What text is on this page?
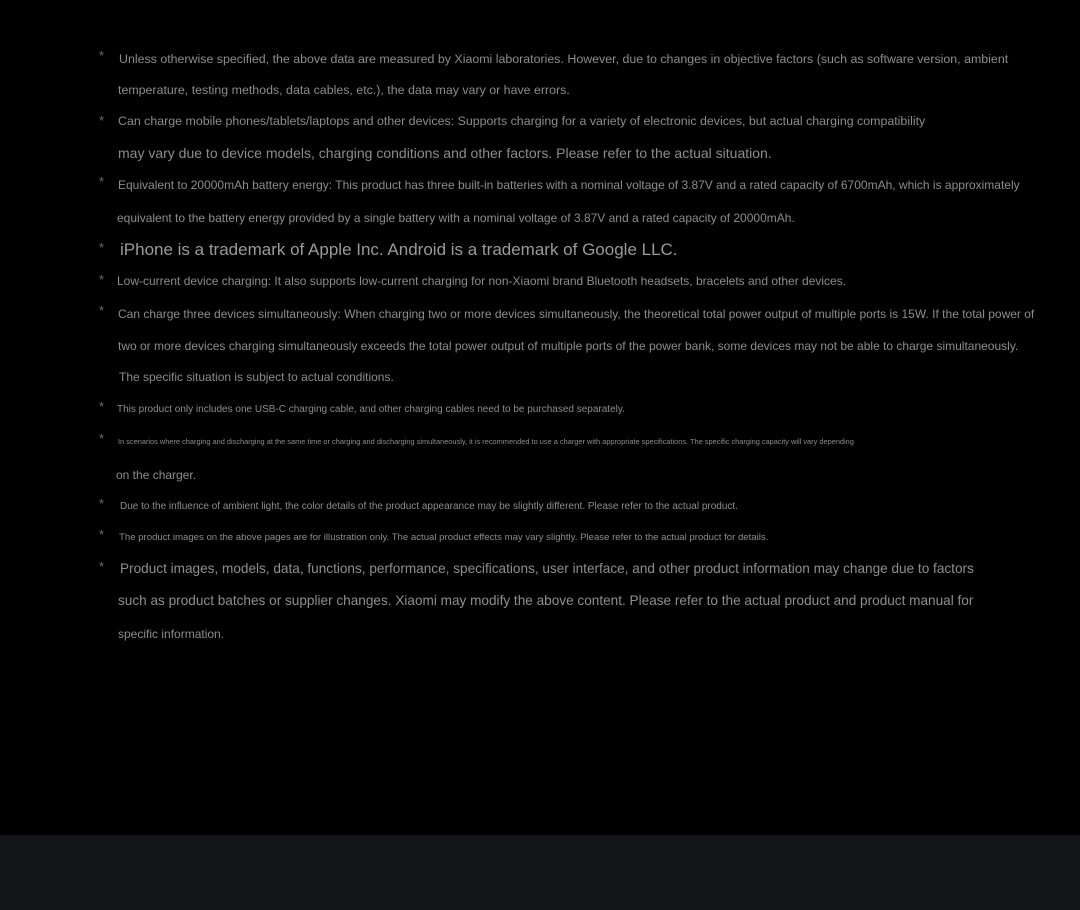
* Unless otherwise specified, the above data are measured by Xiaomi laboratories. However, due to changes in objective factors (such as software version, ambient
temperature, testing methods, data cables, etc.), the data may vary or have errors.
* Can charge mobile phones/tablets/laptops and other devices: Supports charging for a variety of electronic devices, but actual charging compatibility
may vary due to device models, charging conditions and other factors. Please refer to the actual situation.
* Equivalent to 20000mAh battery energy: This product has three built-in batteries with a nominal voltage of 3.87V and a rated capacity of 6700mAh, which is approximately
equivalent to the battery energy provided by a single battery with a nominal voltage of 3.87V and a rated capacity of 20000mAh.
* iPhone is a trademark of Apple Inc. Android is a trademark of Google LLC.
* Low-current device charging: It also supports low-current charging for non-Xiaomi brand Bluetooth headsets, bracelets and other devices.
* Can charge three devices simultaneously: When charging two or more devices simultaneously, the theoretical total power output of multiple ports is 15W. If the total power of
two or more devices charging simultaneously exceeds the total power output of multiple ports of the power bank, some devices may not be able to charge simultaneously.
The specific situation is subject to actual conditions.
* This product only includes one USB-C charging cable, and other charging cables need to be purchased separately.
* In scenarios where charging and discharging at the same time or charging and discharging simultaneously, it is recommended to use a charger with appropriate specifications. The specific charging capacity will vary depending
on the charger.
* Due to the influence of ambient light, the color details of the product appearance may be slightly different. Please refer to the actual product.
* The product images on the above pages are for illustration only. The actual product effects may vary slightly. Please refer to the actual product for details.
* Product images, models, data, functions, performance, specifications, user interface, and other product information may change due to factors
such as product batches or supplier changes. Xiaomi may modify the above content. Please refer to the actual product and product manual for
specific information.
